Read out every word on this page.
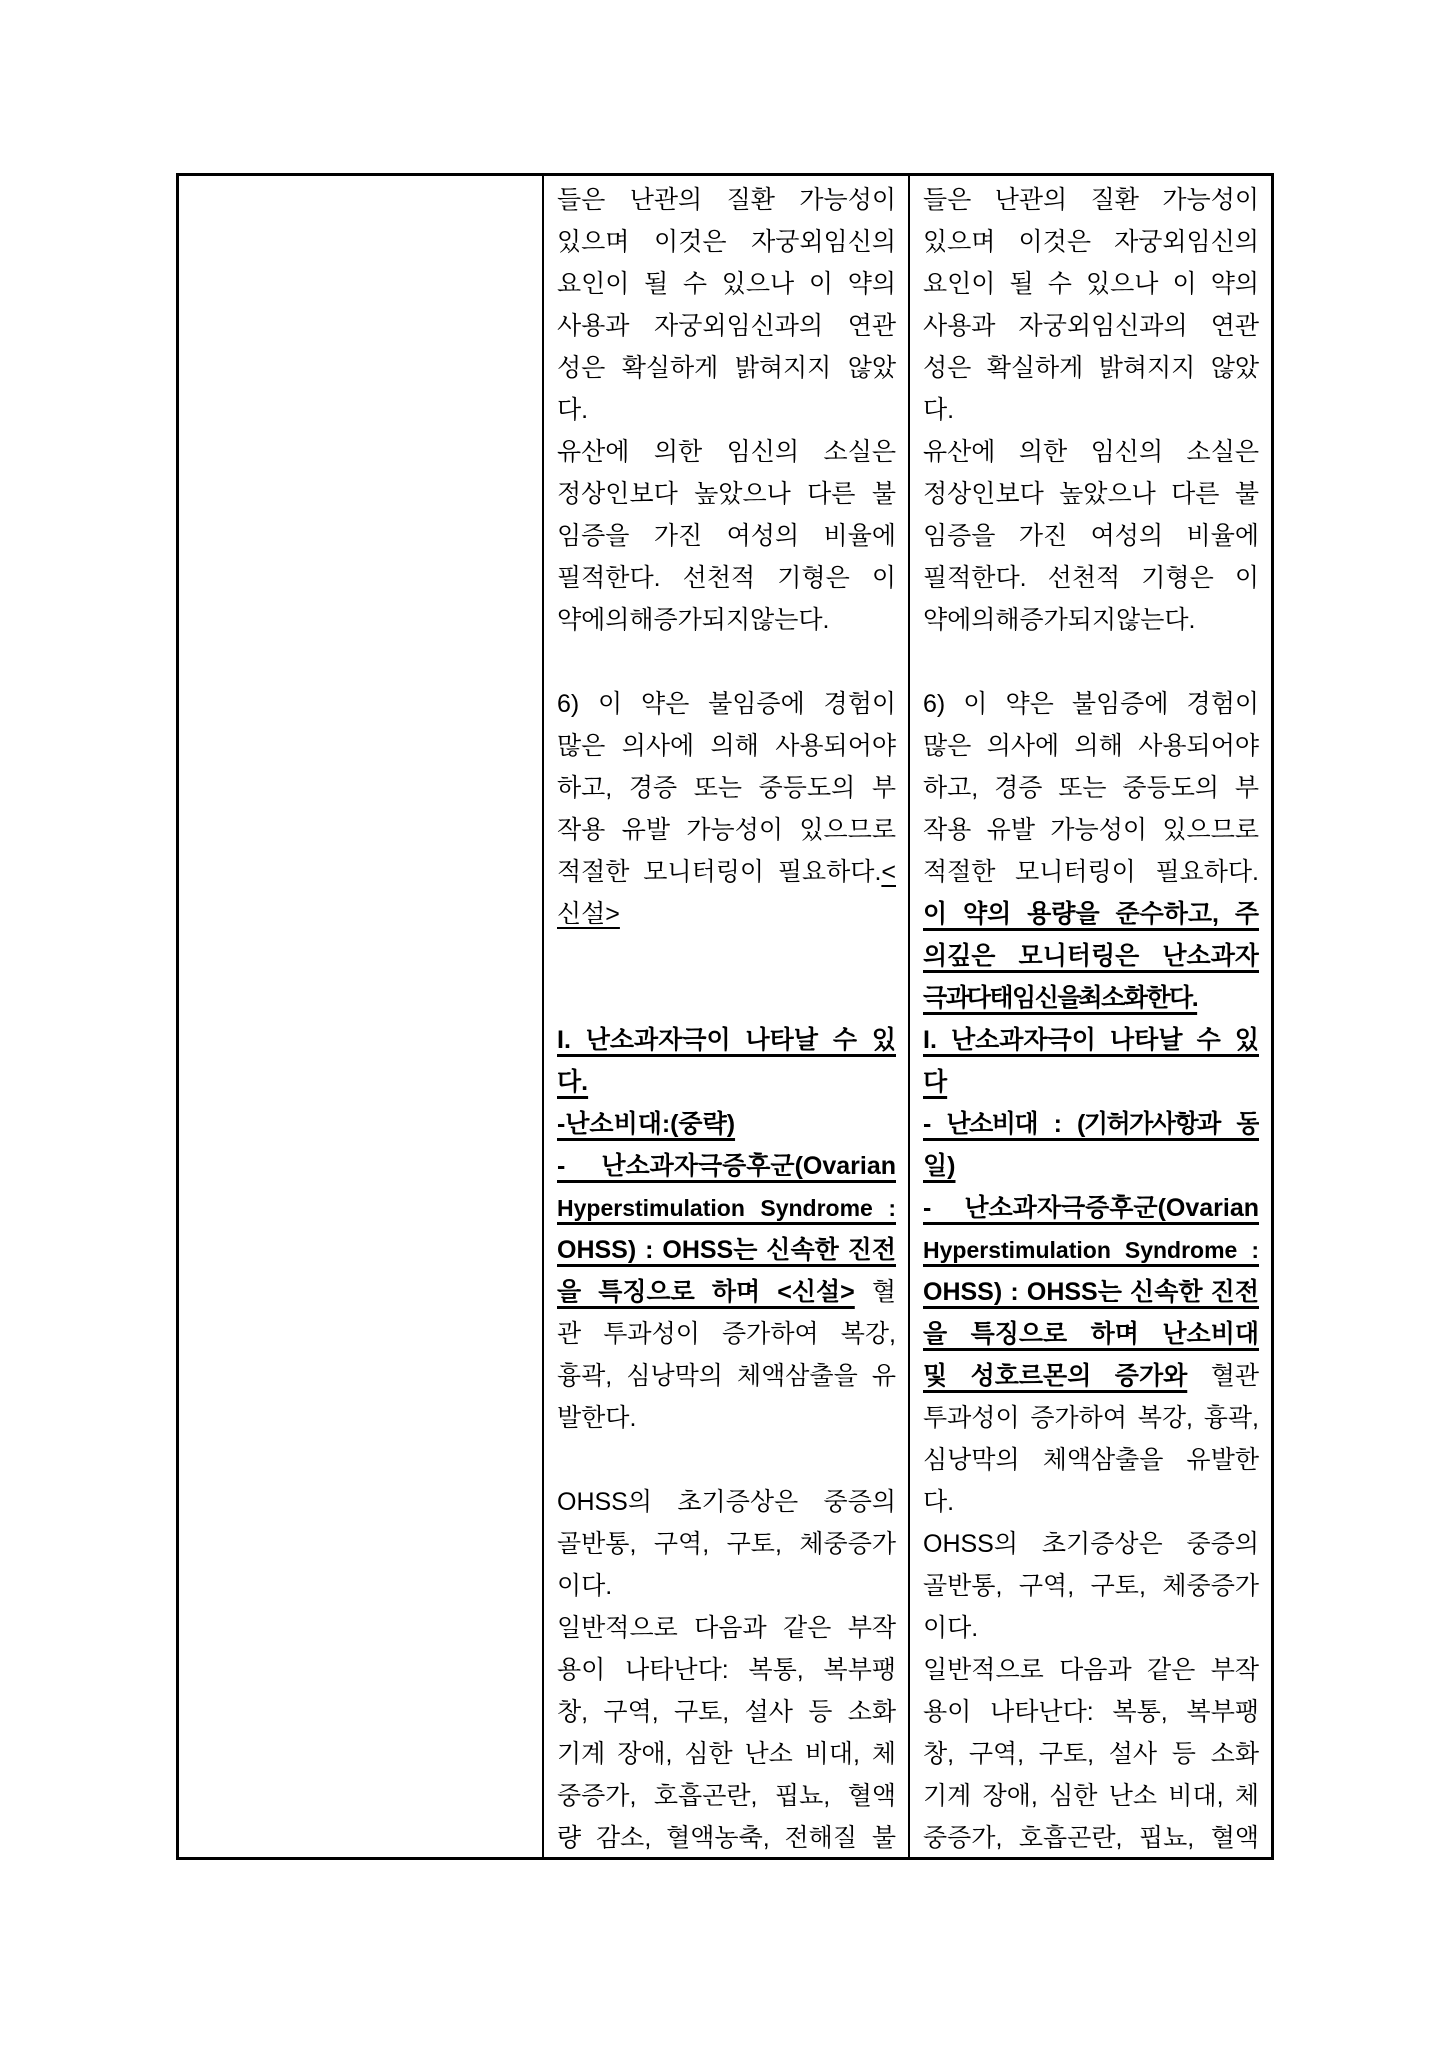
들은 난관의 질환 가능성이
있으며 이것은 자궁외임신의
요인이 될 수 있으나 이 약의
사용과 자궁외임신과의 연관
성은 확실하게 밝혀지지 않았
다.
유산에 의한 임신의 소실은
정상인보다 높았으나 다른 불
임증을 가진 여성의 비율에
필적한다. 선천적 기형은 이
약에 의해 증가되지 않는다.
6) 이 약은 불임증에 경험이
많은 의사에 의해 사용되어야
하고, 경증 또는 중등도의 부
작용 유발 가능성이 있으므로
적절한 모니터링이 필요하다.<
신설>
I. 난소과자극이 나타날 수 있
다.
- 난소비대 : (중략)
- 난소과자극증후군(Ovarian
Hyperstimulation Syndrome :
OHSS) : OHSS는 신속한 진전
을 특징으로 하며 <신설> 혈
관 투과성이 증가하여 복강,
흉곽, 심낭막의 체액삼출을 유
발한다.
OHSS의 초기증상은 중증의
골반통, 구역, 구토, 체중증가
이다.
일반적으로 다음과 같은 부작
용이 나타난다: 복통, 복부팽
창, 구역, 구토, 설사 등 소화
기계 장애, 심한 난소 비대, 체
중증가, 호흡곤란, 핍뇨, 혈액
량 감소, 혈액농축, 전해질 불
들은 난관의 질환 가능성이
있으며 이것은 자궁외임신의
요인이 될 수 있으나 이 약의
사용과 자궁외임신과의 연관
성은 확실하게 밝혀지지 않았
다.
유산에 의한 임신의 소실은
정상인보다 높았으나 다른 불
임증을 가진 여성의 비율에
필적한다. 선천적 기형은 이
약에 의해 증가되지 않는다.
6) 이 약은 불임증에 경험이
많은 의사에 의해 사용되어야
하고, 경증 또는 중등도의 부
작용 유발 가능성이 있으므로
적절한 모니터링이 필요하다.
이 약의 용량을 준수하고, 주
의깊은 모니터링은 난소과자
극과 다태임신을 최소화한다.
I. 난소과자극이 나타날 수 있
다
- 난소비대 : (기허가사항과 동
일)
- 난소과자극증후군(Ovarian
Hyperstimulation Syndrome :
OHSS) : OHSS는 신속한 진전
을 특징으로 하며 난소비대
및 성호르몬의 증가와 혈관
투과성이 증가하여 복강, 흉곽,
심낭막의 체액삼출을 유발한
다.
OHSS의 초기증상은 중증의
골반통, 구역, 구토, 체중증가
이다.
일반적으로 다음과 같은 부작
용이 나타난다: 복통, 복부팽
창, 구역, 구토, 설사 등 소화
기계 장애, 심한 난소 비대, 체
중증가, 호흡곤란, 핍뇨, 혈액
